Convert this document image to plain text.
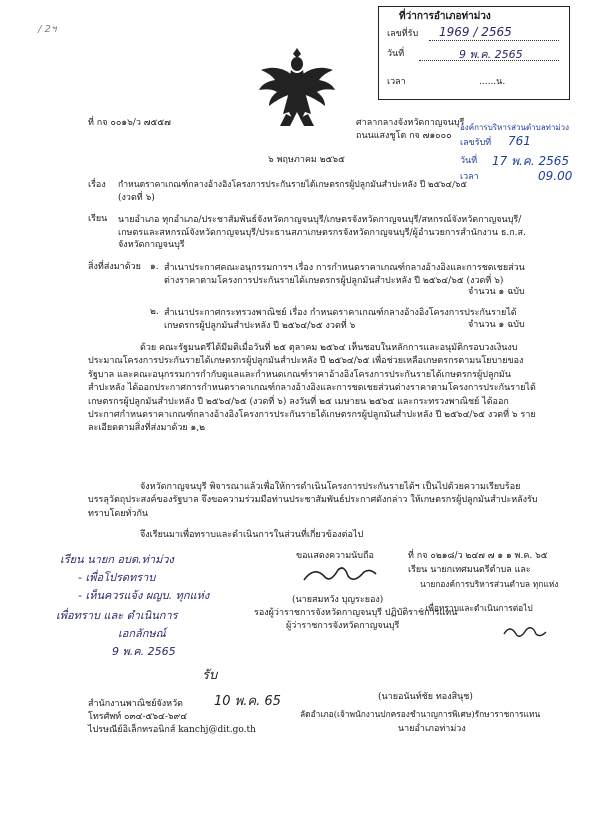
/ 2ฯ
ที่ว่าการอำเภอท่าม่วง
เลขที่รับ 1969 / 2565
วันที่	9 พ.ค. 2565
เวลา	......น.
ที่ กจ ๐๐๑๖/ว ๗๕๕๗	ศาลากลางจังหวัดกาญจนบุรี
ถนนแสงชูโต กจ ๗๑๐๐๐
๖ พฤษภาคม ๒๕๖๕
องค์การบริหารส่วนตำบลท่าม่วง
เลขรับที่ 761
วันที่ 17 พ.ค. 2565
เวลา	09.00
เรื่อง กำหนดราคาเกณฑ์กลางอ้างอิงโครงการประกันรายได้เกษตรกรผู้ปลูกมันสำปะหลัง ปี ๒๕๖๔/๖๕
(งวดที่ ๖)
เรียน นายอำเภอ ทุกอำเภอ/ประชาสัมพันธ์จังหวัดกาญจนบุรี/เกษตรจังหวัดกาญจนบุรี/สหกรณ์จังหวัดกาญจนบุรี/เกษตรและสหกรณ์จังหวัดกาญจนบุรี/ประธานสภาเกษตรกรจังหวัดกาญจนบุรี/ผู้อำนวยการสำนักงาน ธ.ก.ส. จังหวัดกาญจนบุรี
สิ่งที่ส่งมาด้วย ๑. สำเนาประกาศคณะอนุกรรมการฯ เรื่อง การกำหนดราคาเกณฑ์กลางอ้างอิงและการชดเชยส่วนต่างราคาตามโครงการประกันรายได้เกษตรกรผู้ปลูกมันสำปะหลัง ปี ๒๕๖๔/๖๕ (งวดที่ ๖)
จำนวน ๑ ฉบับ
๒. สำเนาประกาศกระทรวงพาณิชย์ เรื่อง กำหนดราคาเกณฑ์กลางอ้างอิงโครงการประกันรายได้เกษตรกรผู้ปลูกมันสำปะหลัง ปี ๒๕๖๔/๖๕ งวดที่ ๖	จำนวน ๑ ฉบับ
ด้วย คณะรัฐมนตรีได้มีมติเมื่อวันที่ ๒๕ ตุลาคม ๒๕๖๔ เห็นชอบในหลักการและอนุมัติกรอบวงเงินงบประมาณโครงการประกันรายได้เกษตรกรผู้ปลูกมันสำปะหลัง ปี ๒๕๖๔/๖๕ เพื่อช่วยเหลือเกษตรกรตามนโยบายของรัฐบาล และคณะอนุกรรมการกำกับดูแลและกำหนดเกณฑ์ราคาอ้างอิงโครงการประกันรายได้เกษตรกรผู้ปลูกมันสำปะหลัง ได้ออกประกาศการกำหนดราคาเกณฑ์กลางอ้างอิงและการชดเชยส่วนต่างราคาตามโครงการประกันรายได้เกษตรกรผู้ปลูกมันสำปะหลัง ปี ๒๕๖๔/๖๕ (งวดที่ ๖) ลงวันที่ ๒๕ เมษายน ๒๕๖๕ และกระทรวงพาณิชย์ ได้ออกประกาศกำหนดราคาเกณฑ์กลางอ้างอิงโครงการประกันรายได้เกษตรกรผู้ปลูกมันสำปะหลัง ปี ๒๕๖๔/๖๕ งวดที่ ๖ รายละเอียดตามสิ่งที่ส่งมาด้วย ๑,๒
จังหวัดกาญจนบุรี พิจารณาแล้วเพื่อให้การดำเนินโครงการประกันรายได้ฯ เป็นไปด้วยความเรียบร้อย บรรลุวัตถุประสงค์ของรัฐบาล จึงขอความร่วมมือท่านประชาสัมพันธ์ประกาศดังกล่าว ให้เกษตรกรผู้ปลูกมันสำปะหลังรับทราบโดยทั่วกัน
จึงเรียนมาเพื่อทราบและดำเนินการในส่วนที่เกี่ยวข้องต่อไป
เรียน นายก อบต.ท่าม่วง
- เพื่อโปรดทราบ
- เห็นควรแจ้ง ผญบ. ทุกแห่ง
เพื่อทราบ และ ดำเนินการ
เอกลักษณ์
9 พ.ค. 2565
ขอแสดงความนับถือ
(นายสมหวัง บุญระยอง)
รองผู้ว่าราชการจังหวัดกาญจนบุรี ปฏิบัติราชการแทน
ผู้ว่าราชการจังหวัดกาญจนบุรี
ที่ กจ ๐๒๑๘/ว ๒๔๗ ๗ ๑ ๑ พ.ค. ๖๕
เรียน นายกเทศมนตรีตำบล และ
นายกองค์การบริหารส่วนตำบล ทุกแห่ง
- เพื่อทราบและดำเนินการต่อไป
รับ
10 พ.ค. 65	(นายอนันท์ชัย ทองสินุช)
ลัดอำเภอ(เจ้าพนักงานปกครองชำนาญการพิเศษ)รักษาราชการแทน
นายอำเภอท่าม่วง
สำนักงานพาณิชย์จังหวัด
โทรศัพท์ ๐๓๔-๕๖๔-๖๙๔
ไปรษณีย์อิเล็กทรอนิกส์ kanchj@dit.go.th
